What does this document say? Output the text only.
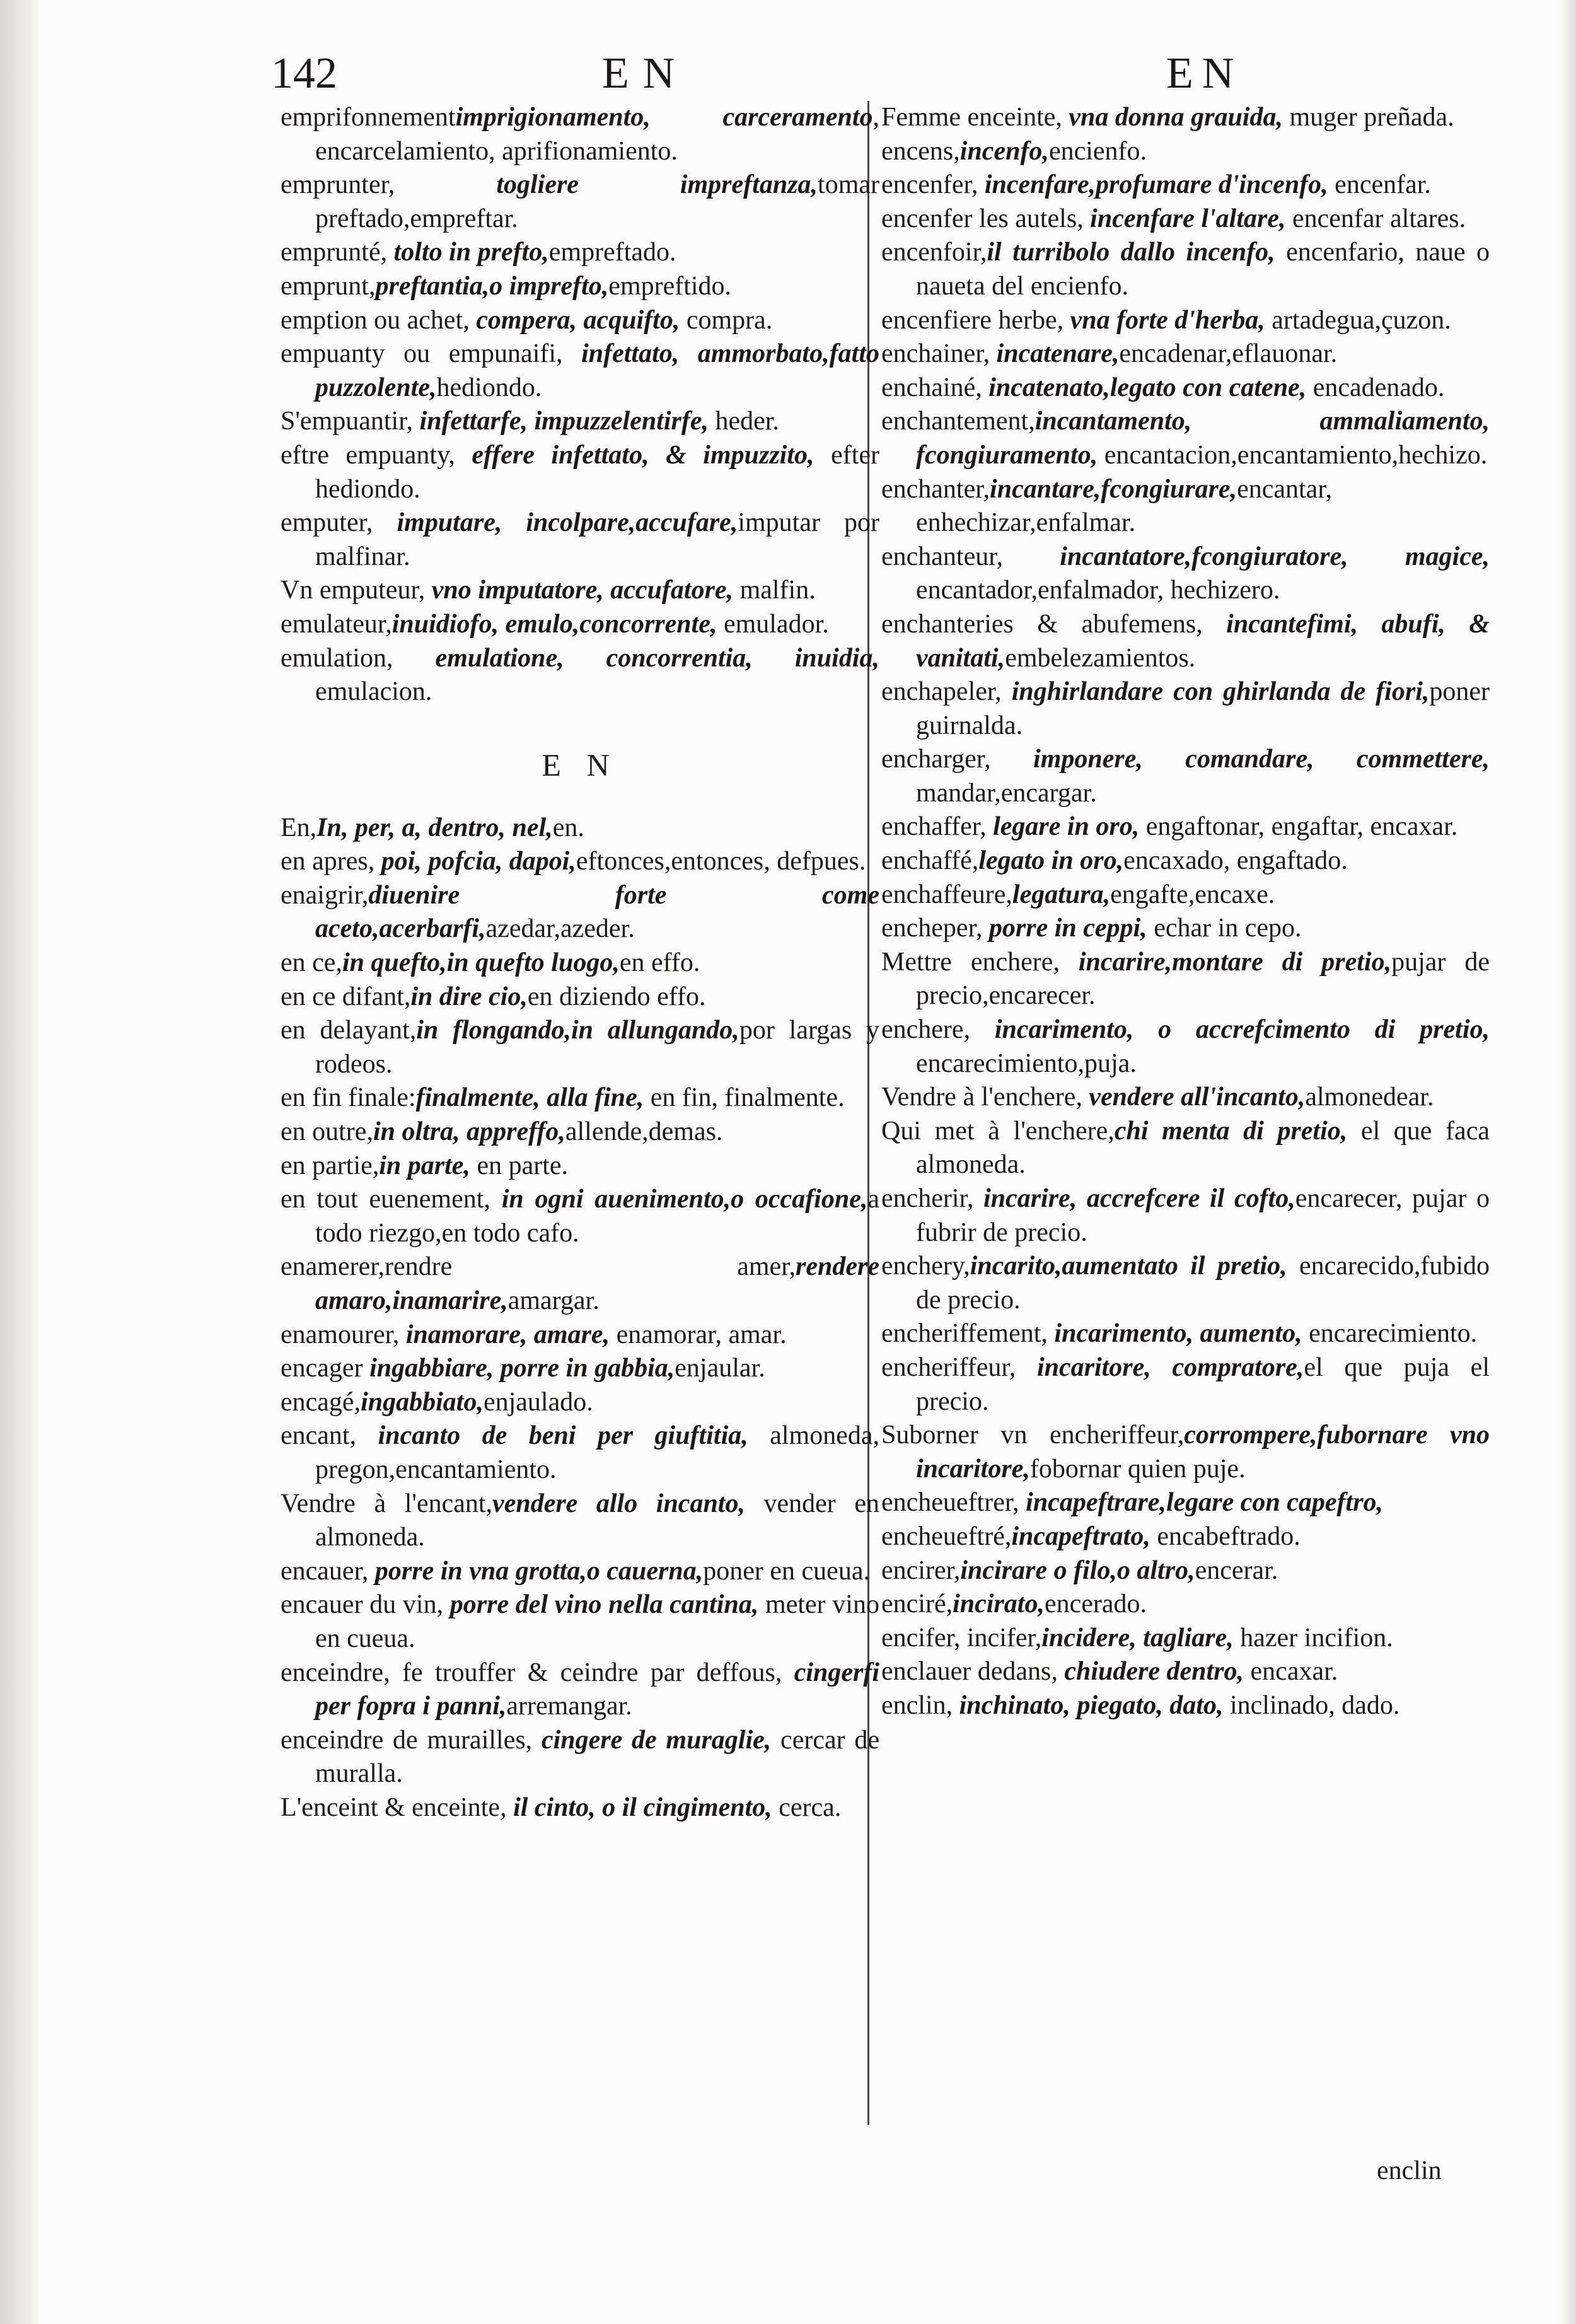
142	EN	EN
emprifonnementimprigionamento, carceramento, encarcelamiento, aprifionamiento.
emprunter, togliere impreftanza,tomar preftado,empreftar.
emprunté, tolto in preftо,empreftado.
emprunt,preftantia,o impreftо,empreftido.
emption ou achet, compera, acquifto, compra.
empuanty ou empunaifi, infettato, ammorbato,fatto puzzolente,hediondo.
S'empuantir, infettarfe, impuzzelentirfe, heder.
eftre empuanty, effere infettato, & impuzzito, efter hediondo.
emputer, imputare, incolpare,accufare,imputar por malfinar.
Vn emputeur, vno imputatore, accufatore, malfin.
emulateur,inuidiofo, emulo,concorrente, emulador.
emulation, emulatione, concorrentia, inuidia, emulacion.
E N
En,In, per, a, dentro, nel,en.
en apres, poi, pofcia, dapoi,eftonces,entonces, defpues.
enaigrir,diuenire forte come aceto,acerbarfi,azedar,azeder.
en ce,in quefto,in quefto luogo,en effo.
en ce difant,in dire cio,en diziendo effo.
en delayant,in flongando,in allungando,por largas y rodeos.
en fin finale:finalmente, alla fine, en fin, finalmente.
en outre,in oltra, appreffo,allende,demas.
en partie,in parte, en parte.
en tout euenement, in ogni auenimento,o occafione,a todo riezgo,en todo cafo.
enamerer,rendre amer,rendere amaro,inamarire,amargar.
enamourer, inamorare, amare, enamorar, amar.
encager ingabbiare, porre in gabbia,enjaular.
encagé,ingabbiato,enjaulado.
encant, incanto de beni per giuftitia, almoneda, pregon,encantamiento.
Vendre à l'encant,vendere allo incanto, vender en almoneda.
encauer, porre in vna grotta,o cauerna,poner en cueua.
encauer du vin, porre del vino nella cantina, meter vino en cueua.
enceindre, fe trouffer & ceindre par deffous, cingerfi per fopra i panni,arremangar.
enceindre de murailles, cingere de muraglie, cercar de muralla.
L'enceint & enceinte, il cinto, o il cingimento, cerca.
Femme enceinte, vna donna grauida, muger preñada.
encens,incenfo,encienfo.
encenfer, incenfare,profumare d'incenfo, encenfar.
encenfer les autels, incenfare l'altare, encenfar altares.
encenfoir,il turribolo dallo incenfo, encenfario, naue o naueta del encienfo.
encenfiere herbe, vna forte d'herba, artadegua,çuzon.
enchainer, incatenare,encadenar,eflauonar.
enchainé, incatenato,legato con catene, encadenado.
enchantement,incantamento, ammaliamento, fcongiuramento, encantacion,encantamiento,hechizo.
enchanter,incantare,fcongiurare,encantar, enhechizar,enfalmar.
enchanteur, incantatore,fcongiuratore, magice, encantador,enfalmador, hechizero.
enchanteries & abufemens, incantefimi, abufi, & vanitati,embelezamientos.
enchapeler, inghirlandare con ghirlanda de fiori,poner guirnalda.
encharger, imponere, comandare, commettere, mandar,encargar.
enchaffer, legare in oro, engaftonar, engaftar, encaxar.
enchaffé,legato in oro,encaxado, engaftado.
enchaffeure,legatura,engafte,encaxe.
encheper, porre in ceppi, echar in cepo.
Mettre enchere, incarire,montare di pretio,pujar de precio,encarecer.
enchere, incarimento, o accrefcimento di pretio, encarecimiento,puja.
Vendre à l'enchere, vendere all'incanto,almonedear.
Qui met à l'enchere,chi menta di pretio, el que faca almoneda.
encherir, incarire, accrefcere il cofto,encarecer, pujar o fubrir de precio.
enchery,incarito,aumentato il pretio, encarecido,fubido de precio.
encheriffement, incarimento, aumento, encarecimiento.
encheriffeur, incaritore, compratore,el que puja el precio.
Suborner vn encheriffeur,corrompere,fubornare vno incaritore,fobornar quien puje.
encheueftrer, incapeftrare,legare con capeftro,
encheueftré,incapeftrato, encabeftrado.
encirer,incirare o filo,o altro,encerar.
enciré,incirato,encerado.
encifer, incifer,incidere, tagliare, hazer incifion.
enclauer dedans, chiudere dentro, encaxar.
enclin, inchinato, piegato, dato, inclinado, dado.
enclin
